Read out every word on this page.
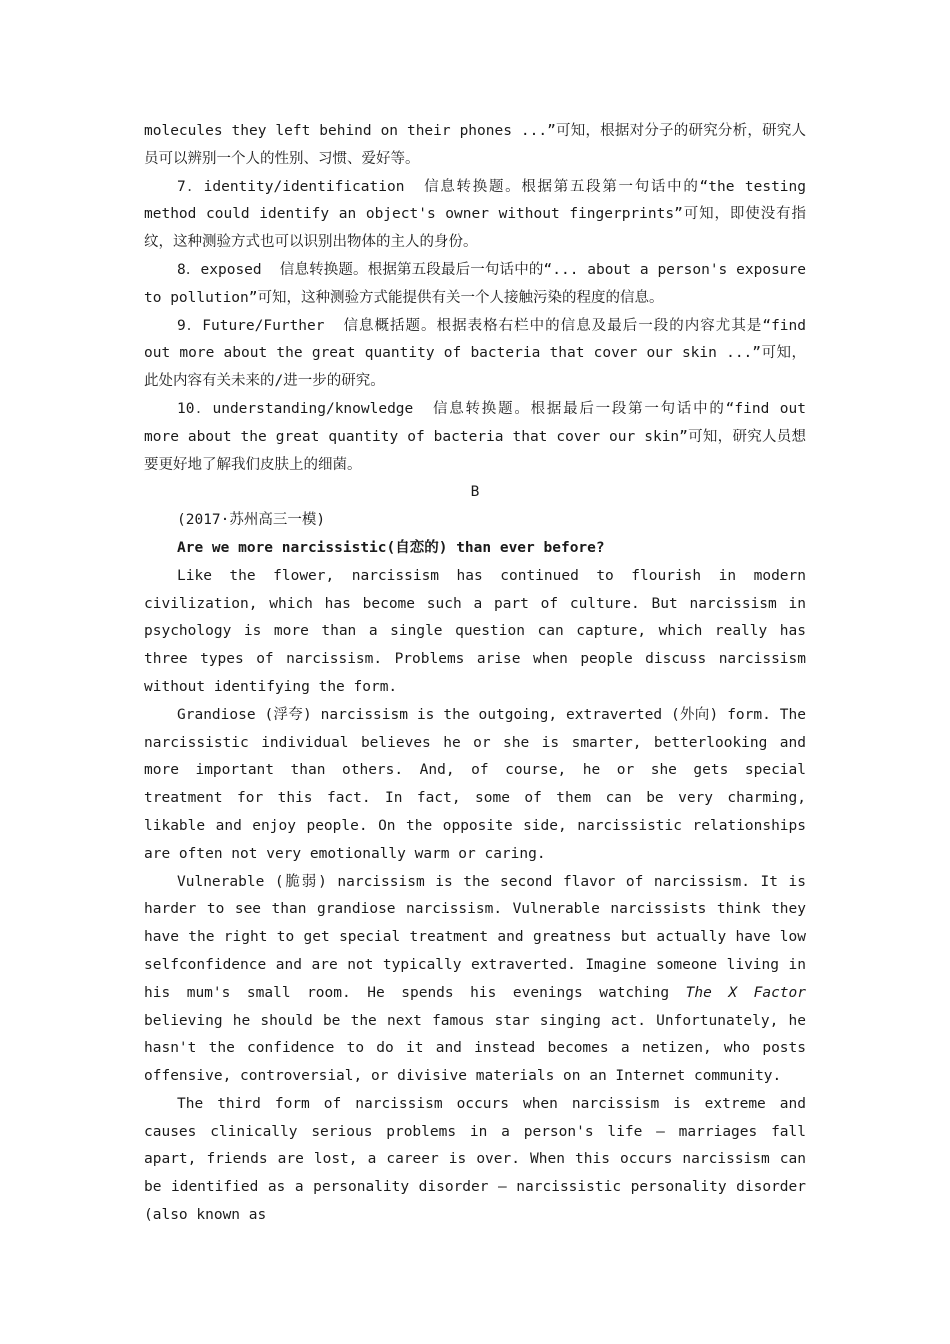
molecules they left behind on their phones ...”可知，根据对分子的研究分析，研究人员可以辨别一个人的性别、习惯、爱好等。

7．identity/identification 信息转换题。根据第五段第一句话中的“the testing method could identify an object's owner without fingerprints”可知，即使没有指纹，这种测验方式也可以识别出物体的主人的身份。

8．exposed 信息转换题。根据第五段最后一句话中的“... about a person's exposure to pollution”可知，这种测验方式能提供有关一个人接触污染的程度的信息。

9．Future/Further 信息概括题。根据表格右栏中的信息及最后一段的内容尤其是“find out more about the great quantity of bacteria that cover our skin ...”可知，此处内容有关未来的/进一步的研究。

10．understanding/knowledge 信息转换题。根据最后一段第一句话中的“find out more about the great quantity of bacteria that cover our skin”可知，研究人员想要更好地了解我们皮肤上的细菌。

B

(2017·苏州高三一模)

Are we more narcissistic(自恋的) than ever before?

Like the flower, narcissism has continued to flourish in modern civilization, which has become such a part of culture. But narcissism in psychology is more than a single question can capture, which really has three types of narcissism. Problems arise when people discuss narcissism without identifying the form.

Grandiose (浮夸) narcissism is the outgoing, extraverted (外向) form. The narcissistic individual believes he or she is smarter, betterlooking and more important than others. And, of course, he or she gets special treatment for this fact. In fact, some of them can be very charming, likable and enjoy people. On the opposite side, narcissistic relationships are often not very emotionally warm or caring.

Vulnerable (脆弱) narcissism is the second flavor of narcissism. It is harder to see than grandiose narcissism. Vulnerable narcissists think they have the right to get special treatment and greatness but actually have low selfconfidence and are not typically extraverted. Imagine someone living in his mum's small room. He spends his evenings watching The X Factor believing he should be the next famous star singing act. Unfortunately, he hasn't the confidence to do it and instead becomes a netizen, who posts offensive, controversial, or divisive materials on an Internet community.

The third form of narcissism occurs when narcissism is extreme and causes clinically serious problems in a person's life — marriages fall apart, friends are lost, a career is over. When this occurs narcissism can be identified as a personality disorder — narcissistic personality disorder (also known as
